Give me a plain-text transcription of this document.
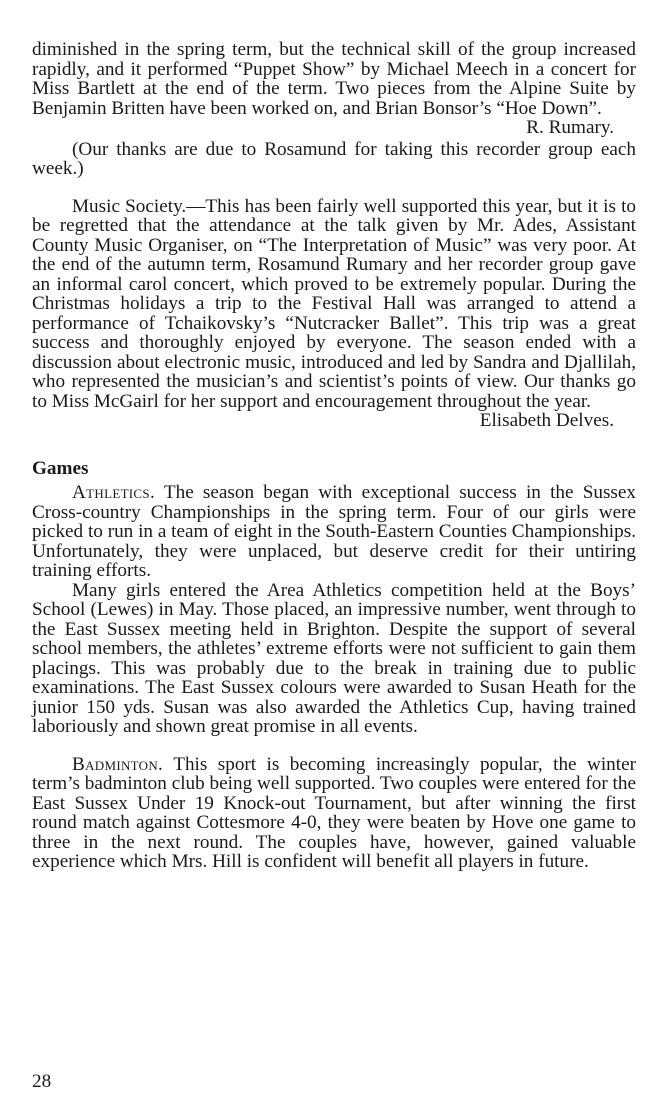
diminished in the spring term, but the technical skill of the group increased rapidly, and it performed “Puppet Show” by Michael Meech in a concert for Miss Bartlett at the end of the term. Two pieces from the Alpine Suite by Benjamin Britten have been worked on, and Brian Bonsor’s “Hoe Down”.

R. Rumary.

(Our thanks are due to Rosamund for taking this recorder group each week.)

Music Society.—This has been fairly well supported this year, but it is to be regretted that the attendance at the talk given by Mr. Ades, Assistant County Music Organiser, on “The Interpretation of Music” was very poor. At the end of the autumn term, Rosamund Rumary and her recorder group gave an informal carol concert, which proved to be extremely popular. During the Christmas holidays a trip to the Festival Hall was arranged to attend a performance of Tchaikovsky’s “Nutcracker Ballet”. This trip was a great success and thoroughly enjoyed by everyone. The season ended with a discussion about electronic music, introduced and led by Sandra and Djallilah, who represented the musician’s and scientist’s points of view. Our thanks go to Miss McGairl for her support and encouragement throughout the year.

Elisabeth Delves.

Games

Athletics. The season began with exceptional success in the Sussex Cross-country Championships in the spring term. Four of our girls were picked to run in a team of eight in the South-Eastern Counties Championships. Unfortunately, they were unplaced, but deserve credit for their untiring training efforts.

Many girls entered the Area Athletics competition held at the Boys’ School (Lewes) in May. Those placed, an impressive number, went through to the East Sussex meeting held in Brighton. Despite the support of several school members, the athletes’ extreme efforts were not sufficient to gain them placings. This was probably due to the break in training due to public examinations. The East Sussex colours were awarded to Susan Heath for the junior 150 yds. Susan was also awarded the Athletics Cup, having trained laboriously and shown great promise in all events.

Badminton. This sport is becoming increasingly popular, the winter term’s badminton club being well supported. Two couples were entered for the East Sussex Under 19 Knock-out Tournament, but after winning the first round match against Cottesmore 4-0, they were beaten by Hove one game to three in the next round. The couples have, however, gained valuable experience which Mrs. Hill is confident will benefit all players in future.

28
